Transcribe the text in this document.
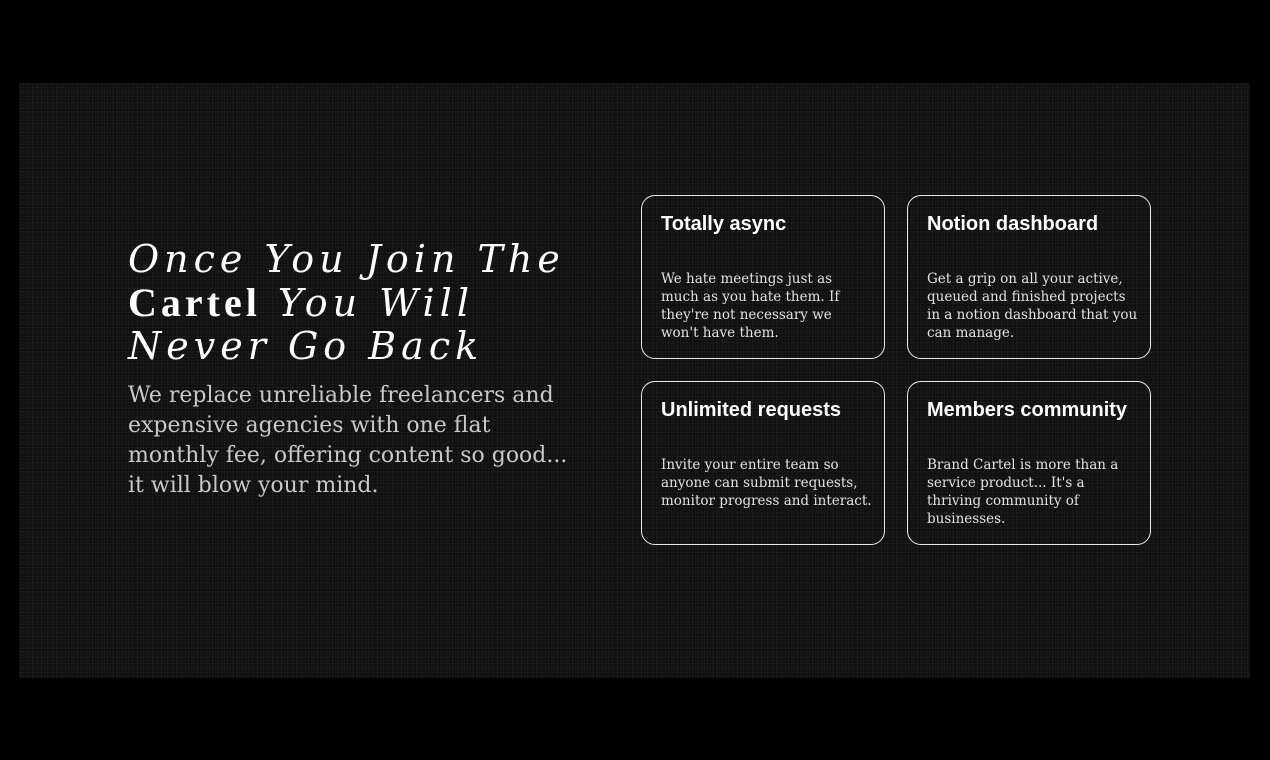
Once You Join The Cartel You Will Never Go Back

We replace unreliable freelancers and expensive agencies with one flat monthly fee, offering content so good... it will blow your mind.

Totally async

We hate meetings just as much as you hate them. If they're not necessary we won't have them.

Notion dashboard

Get a grip on all your active, queued and finished projects in a notion dashboard that you can manage.

Unlimited requests

Invite your entire team so anyone can submit requests, monitor progress and interact.

Members community

Brand Cartel is more than a service product... It's a thriving community of businesses.
